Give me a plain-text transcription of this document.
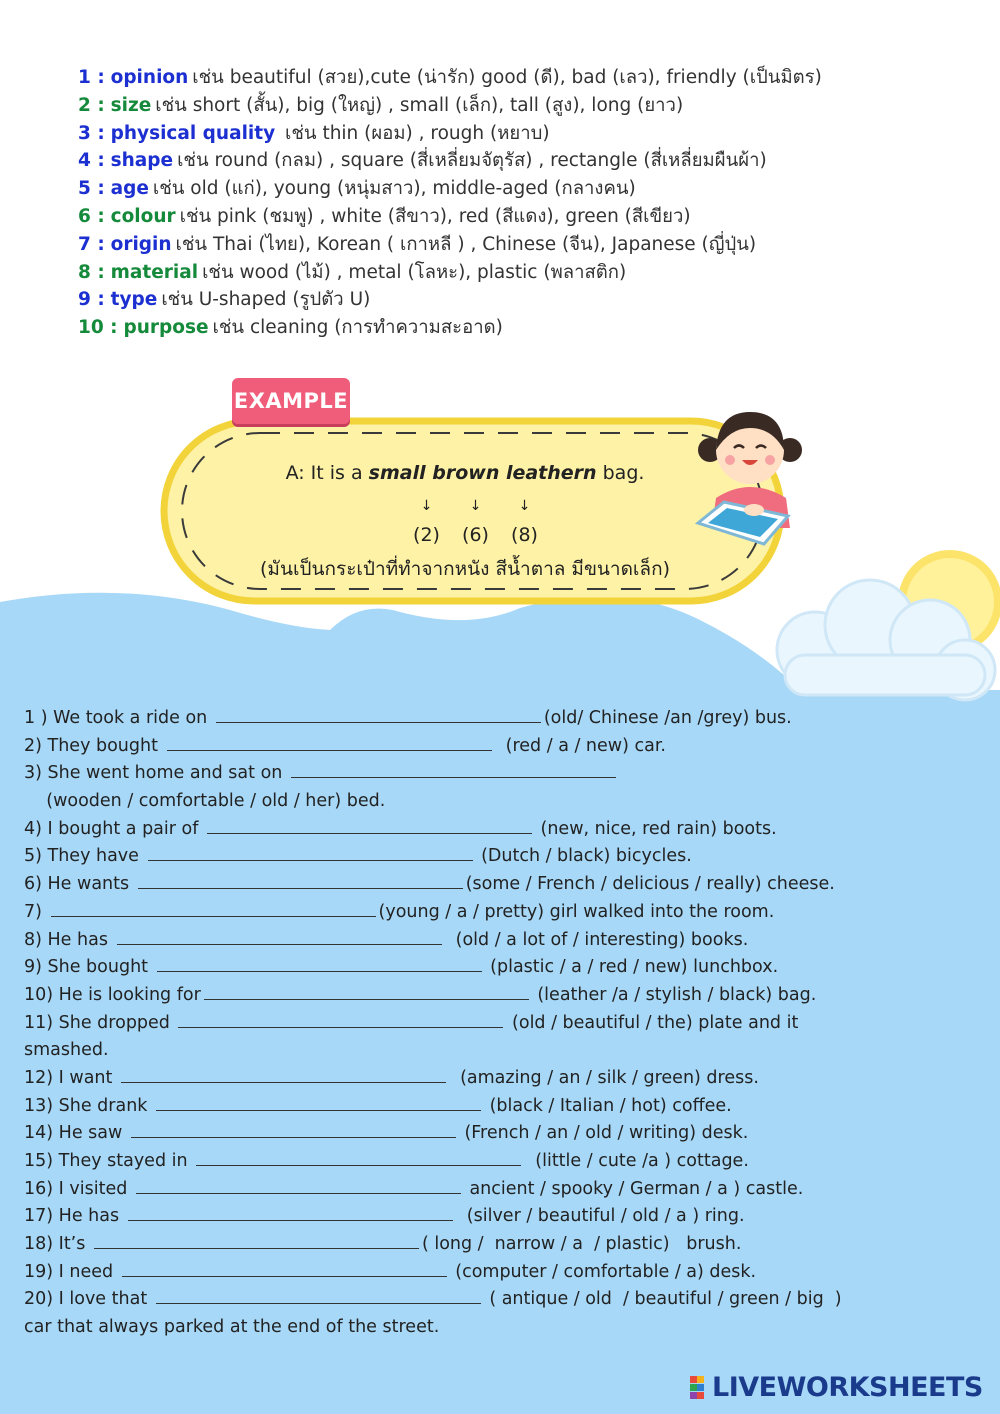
1 : opinion เช่น beautiful (สวย),cute (น่ารัก) good (ดี), bad (เลว), friendly (เป็นมิตร)
2 : size เช่น short (สั้น), big (ใหญ่) , small (เล็ก), tall (สูง), long (ยาว)
3 : physical quality เช่น thin (ผอม) , rough (หยาบ)
4 : shape เช่น round (กลม) , square (สี่เหลี่ยมจัตุรัส) , rectangle (สี่เหลี่ยมผืนผ้า)
5 : age เช่น old (แก่), young (หนุ่มสาว), middle-aged (กลางคน)
6 : colour เช่น pink (ชมพู) , white (สีขาว), red (สีแดง), green (สีเขียว)
7 : origin เช่น Thai (ไทย), Korean ( เกาหลี ) , Chinese (จีน), Japanese (ญี่ปุ่น)
8 : material เช่น wood (ไม้) , metal (โลหะ), plastic (พลาสติก)
9 : type เช่น U-shaped (รูปตัว U)
10 : purpose เช่น cleaning (การทำความสะอาด)
EXAMPLE
A: It is a small brown leathern bag.
↓	↓	↓
(2) (6) (8)
(มันเป็นกระเป๋าที่ทำจากหนัง สีน้ำตาล มีขนาดเล็ก)
1 ) We took a ride on	(old/ Chinese /an /grey) bus.
2) They bought	(red / a / new) car.
3) She went home and sat on
(wooden / comfortable / old / her) bed.
4) I bought a pair of	(new, nice, red rain) boots.
5) They have	(Dutch / black) bicycles.
6) He wants	(some / French / delicious / really) cheese.
7)	(young / a / pretty) girl walked into the room.
8) He has	(old / a lot of / interesting) books.
9) She bought	(plastic / a / red / new) lunchbox.
10) He is looking for	(leather /a / stylish / black) bag.
11) She dropped	(old / beautiful / the) plate and it
smashed.
12) I want	(amazing / an / silk / green) dress.
13) She drank	(black / Italian / hot) coffee.
14) He saw	(French / an / old / writing) desk.
15) They stayed in	(little / cute /a ) cottage.
16) I visited	ancient / spooky / German / a ) castle.
17) He has	(silver / beautiful / old / a ) ring.
18) It’s	( long /  narrow / a  / plastic)   brush.
19) I need	(computer / comfortable / a) desk.
20) I love that	( antique / old  / beautiful / green / big  )
car that always parked at the end of the street.
LIVEWORKSHEETS
